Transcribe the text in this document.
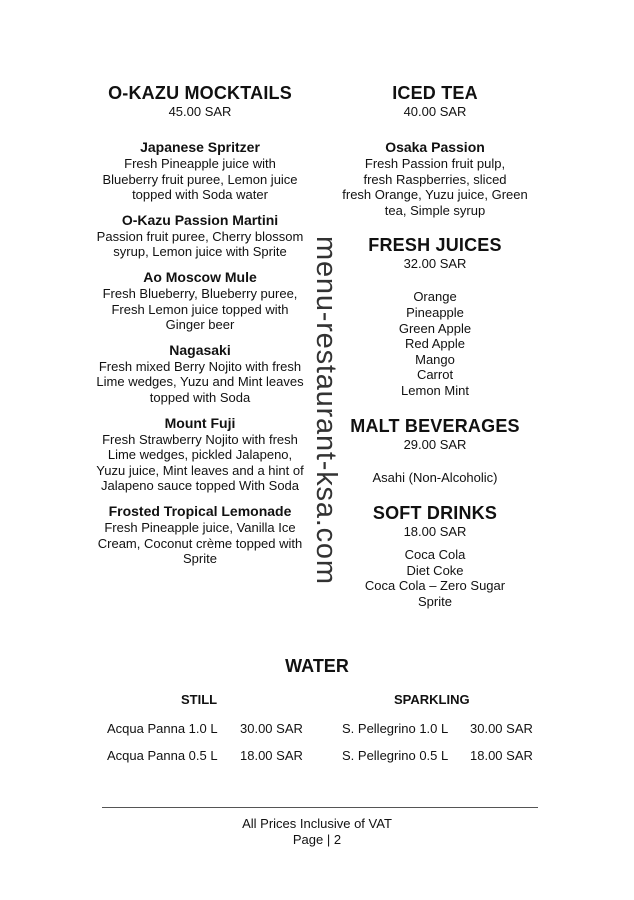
O-KAZU MOCKTAILS

45.00 SAR

Japanese Spritzer

Fresh Pineapple juice with

Blueberry fruit puree, Lemon juice

topped with Soda water

O-Kazu Passion Martini

Passion fruit puree, Cherry blossom

syrup, Lemon juice with Sprite

Ao Moscow Mule

Fresh Blueberry, Blueberry puree,

Fresh Lemon juice topped with

Ginger beer

Nagasaki

Fresh mixed Berry Nojito with fresh

Lime wedges, Yuzu and Mint leaves

topped with Soda

Mount Fuji

Fresh Strawberry Nojito with fresh

Lime wedges, pickled Jalapeno,

Yuzu juice, Mint leaves and a hint of

Jalapeno sauce topped With Soda

Frosted Tropical Lemonade

Fresh Pineapple juice, Vanilla Ice

Cream, Coconut crème topped with

Sprite

ICED TEA

40.00 SAR

Osaka Passion

Fresh Passion fruit pulp,

fresh Raspberries, sliced

fresh Orange, Yuzu juice, Green

tea, Simple syrup

FRESH JUICES

32.00 SAR

Orange

Pineapple

Green Apple

Red Apple

Mango

Carrot

Lemon Mint

MALT BEVERAGES

29.00 SAR

Asahi (Non-Alcoholic)

SOFT DRINKS

18.00 SAR

Coca Cola

Diet Coke

Coca Cola – Zero Sugar

Sprite

menu-restaurant-ksa.com
WATER
STILL	SPARKLING
Acqua Panna 1.0 L 30.00 SAR	S. Pellegrino 1.0 L 30.00 SAR
Acqua Panna 0.5 L 18.00 SAR	S. Pellegrino 0.5 L 18.00 SAR
All Prices Inclusive of VAT
Page | 2
